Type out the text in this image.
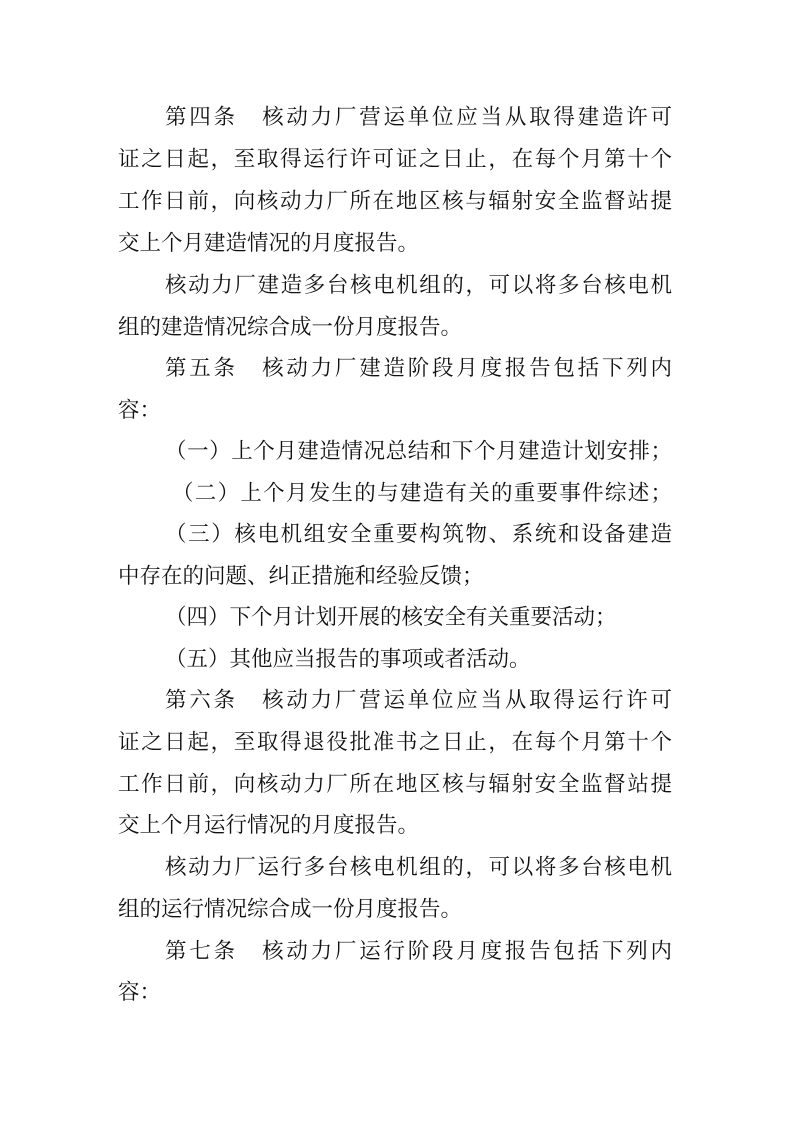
第四条　核动力厂营运单位应当从取得建造许可
证之日起，至取得运行许可证之日止，在每个月第十个
工作日前，向核动力厂所在地区核与辐射安全监督站提
交上个月建造情况的月度报告。
核动力厂建造多台核电机组的，可以将多台核电机
组的建造情况综合成一份月度报告。
第五条　核动力厂建造阶段月度报告包括下列内
容：
（一）上个月建造情况总结和下个月建造计划安排；
（二）上个月发生的与建造有关的重要事件综述；
（三）核电机组安全重要构筑物、系统和设备建造
中存在的问题、纠正措施和经验反馈；
（四）下个月计划开展的核安全有关重要活动；
（五）其他应当报告的事项或者活动。
第六条　核动力厂营运单位应当从取得运行许可
证之日起，至取得退役批准书之日止，在每个月第十个
工作日前，向核动力厂所在地区核与辐射安全监督站提
交上个月运行情况的月度报告。
核动力厂运行多台核电机组的，可以将多台核电机
组的运行情况综合成一份月度报告。
第七条　核动力厂运行阶段月度报告包括下列内
容：
